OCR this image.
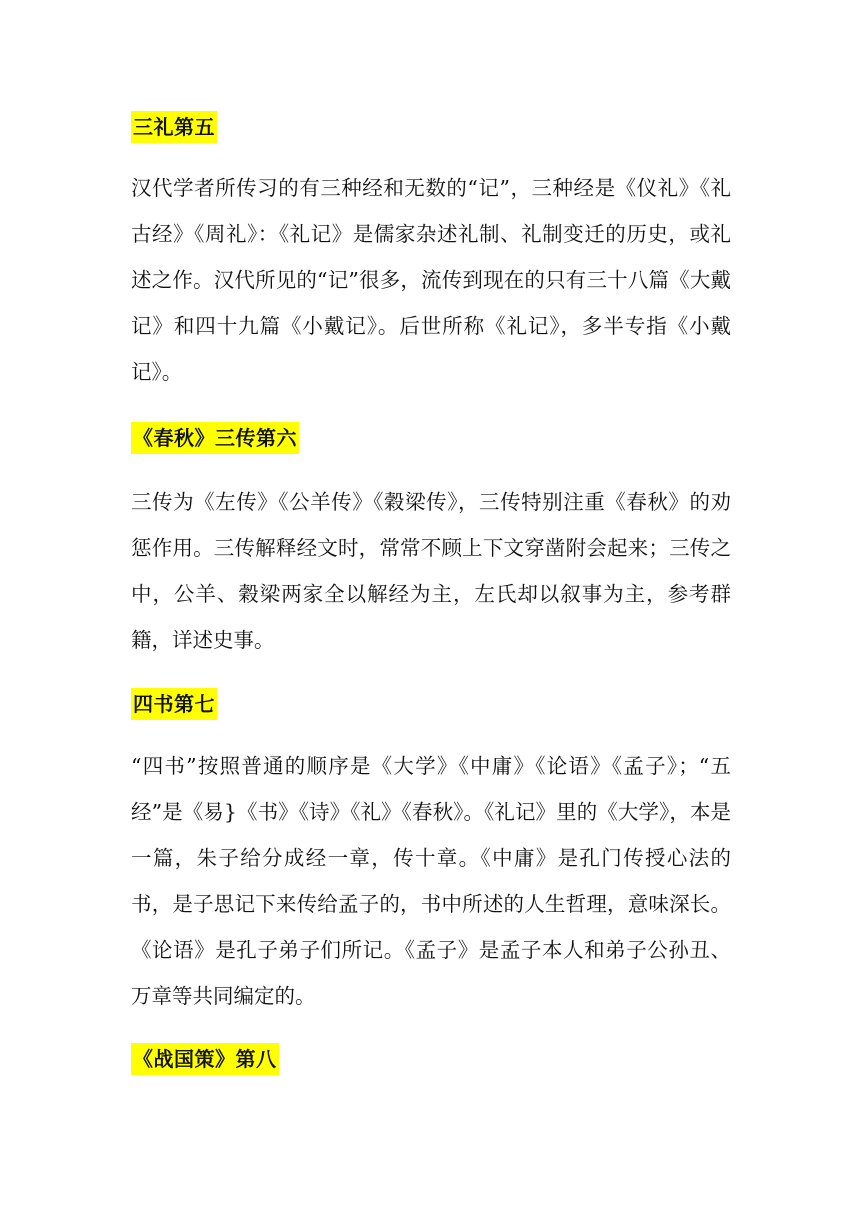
三礼第五

汉代学者所传习的有三种经和无数的“记”，三种经是《仪礼》《礼古经》《周礼》：《礼记》是儒家杂述礼制、礼制变迁的历史，或礼述之作。汉代所见的“记”很多，流传到现在的只有三十八篇《大戴记》和四十九篇《小戴记》。后世所称《礼记》，多半专指《小戴记》。

《春秋》三传第六

三传为《左传》《公羊传》《穀梁传》，三传特别注重《春秋》的劝惩作用。三传解释经文时，常常不顾上下文穿凿附会起来；三传之中，公羊、穀梁两家全以解经为主，左氏却以叙事为主，参考群籍，详述史事。

四书第七

“四书”按照普通的顺序是《大学》《中庸》《论语》《孟子》；“五经”是《易}《书》《诗》《礼》《春秋》。《礼记》里的《大学》，本是一篇，朱子给分成经一章，传十章。《中庸》是孔门传授心法的书，是子思记下来传给孟子的，书中所述的人生哲理，意味深长。《论语》是孔子弟子们所记。《孟子》是孟子本人和弟子公孙丑、万章等共同编定的。

《战国策》第八
